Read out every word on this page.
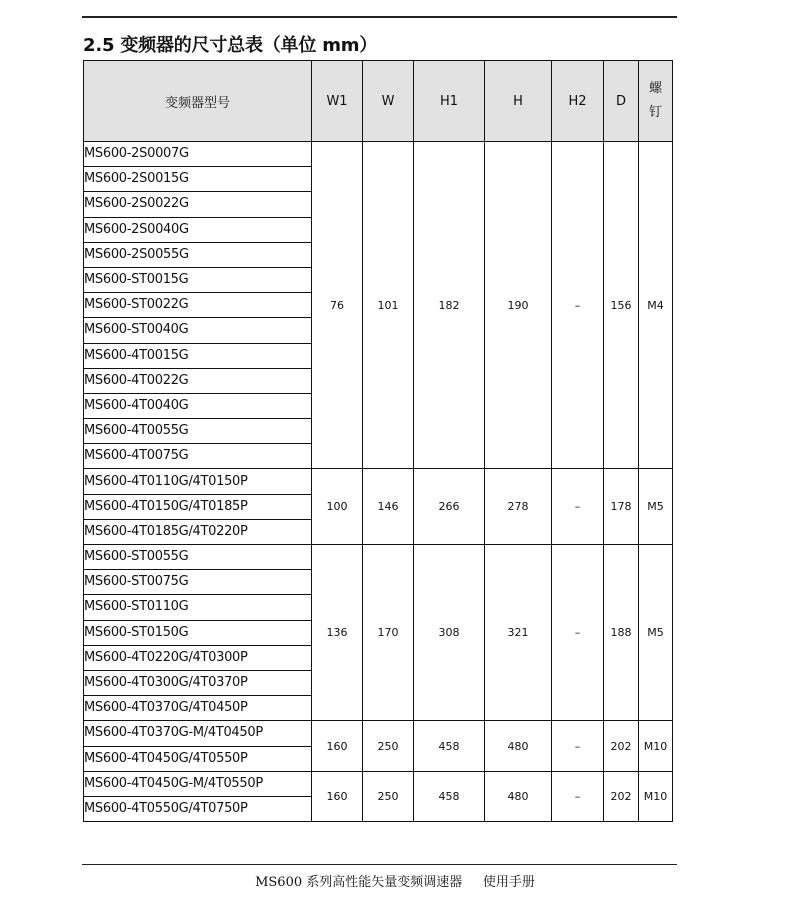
2.5 变频器的尺寸总表（单位 mm）
变频器型号	W1	W	H1	H	H2	D	螺钉
MS600-2S0007G	76	101	182	190	–	156	M4
MS600-2S0015G							
MS600-2S0022G							
MS600-2S0040G							
MS600-2S0055G							
MS600-ST0015G							
MS600-ST0022G							
MS600-ST0040G							
MS600-4T0015G							
MS600-4T0022G							
MS600-4T0040G							
MS600-4T0055G							
MS600-4T0075G							
MS600-4T0110G/4T0150P	100	146	266	278	–	178	M5
MS600-4T0150G/4T0185P							
MS600-4T0185G/4T0220P							
MS600-ST0055G	136	170	308	321	–	188	M5
MS600-ST0075G							
MS600-ST0110G							
MS600-ST0150G							
MS600-4T0220G/4T0300P							
MS600-4T0300G/4T0370P							
MS600-4T0370G/4T0450P							
MS600-4T0370G-M/4T0450P	160	250	458	480	–	202	M10
MS600-4T0450G/4T0550P							
MS600-4T0450G-M/4T0550P	160	250	458	480	–	202	M10
MS600-4T0550G/4T0750P							
MS600 系列高性能矢量变频调速器     使用手册
